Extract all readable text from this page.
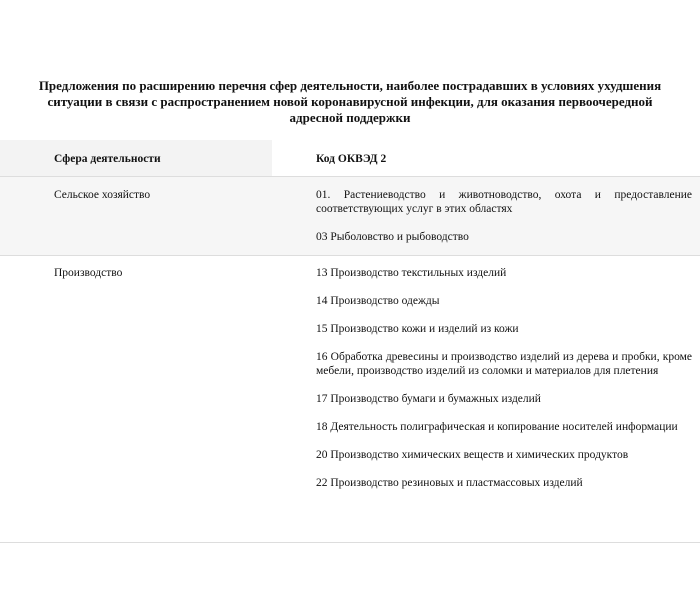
Предложения по расширению перечня сфер деятельности, наиболее пострадавших в условиях ухудшения
ситуации в связи с распространением новой коронавирусной инфекции, для оказания первоочередной
адресной поддержки
Сфера деятельности	Код ОКВЭД 2
Сельское хозяйство	01. Растениеводство и животноводство, охота и предоставление соответствующих услуг в этих областях
03 Рыболовство и рыбоводство
Производство	13 Производство текстильных изделий
14 Производство одежды
15 Производство кожи и изделий из кожи
16 Обработка древесины и производство изделий из дерева и пробки, кроме мебели, производство изделий из соломки и материалов для плетения
17 Производство бумаги и бумажных изделий
18 Деятельность полиграфическая и копирование носителей информации
20 Производство химических веществ и химических продуктов
22 Производство резиновых и пластмассовых изделий
